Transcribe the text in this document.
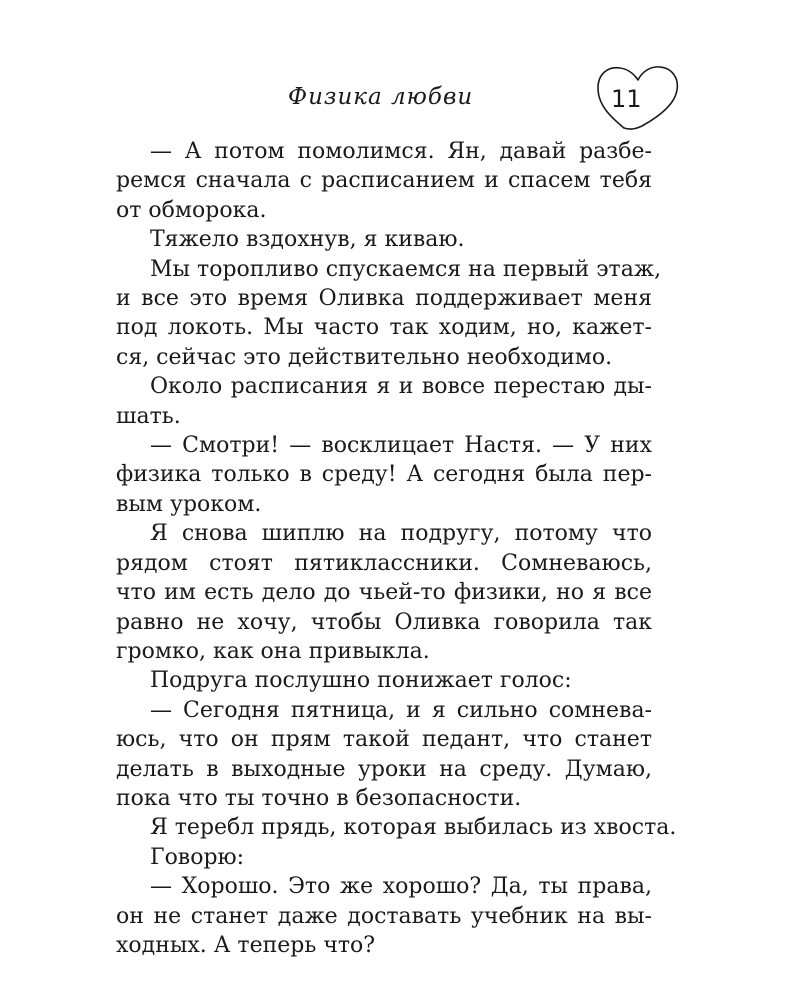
Физика любви	11
— А потом помолимся. Ян, давай разбе-
ремся сначала с расписанием и спасем тебя
от обморока.
Тяжело вздохнув, я киваю.
Мы торопливо спускаемся на первый этаж,
и все это время Оливка поддерживает меня
под локоть. Мы часто так ходим, но, кажет-
ся, сейчас это действительно необходимо.
Около расписания я и вовсе перестаю ды-
шать.
— Смотри! — восклицает Настя. — У них
физика только в среду! А сегодня была пер-
вым уроком.
Я снова шиплю на подругу, потому что
рядом стоят пятиклассники. Сомневаюсь,
что им есть дело до чьей-то физики, но я все
равно не хочу, чтобы Оливка говорила так
громко, как она привыкла.
Подруга послушно понижает голос:
— Сегодня пятница, и я сильно сомнева-
юсь, что он прям такой педант, что станет
делать в выходные уроки на среду. Думаю,
пока что ты точно в безопасности.
Я теребл прядь, которая выбилась из хвоста.
Говорю:
— Хорошо. Это же хорошо? Да, ты права,
он не станет даже доставать учебник на вы-
ходных. А теперь что?
